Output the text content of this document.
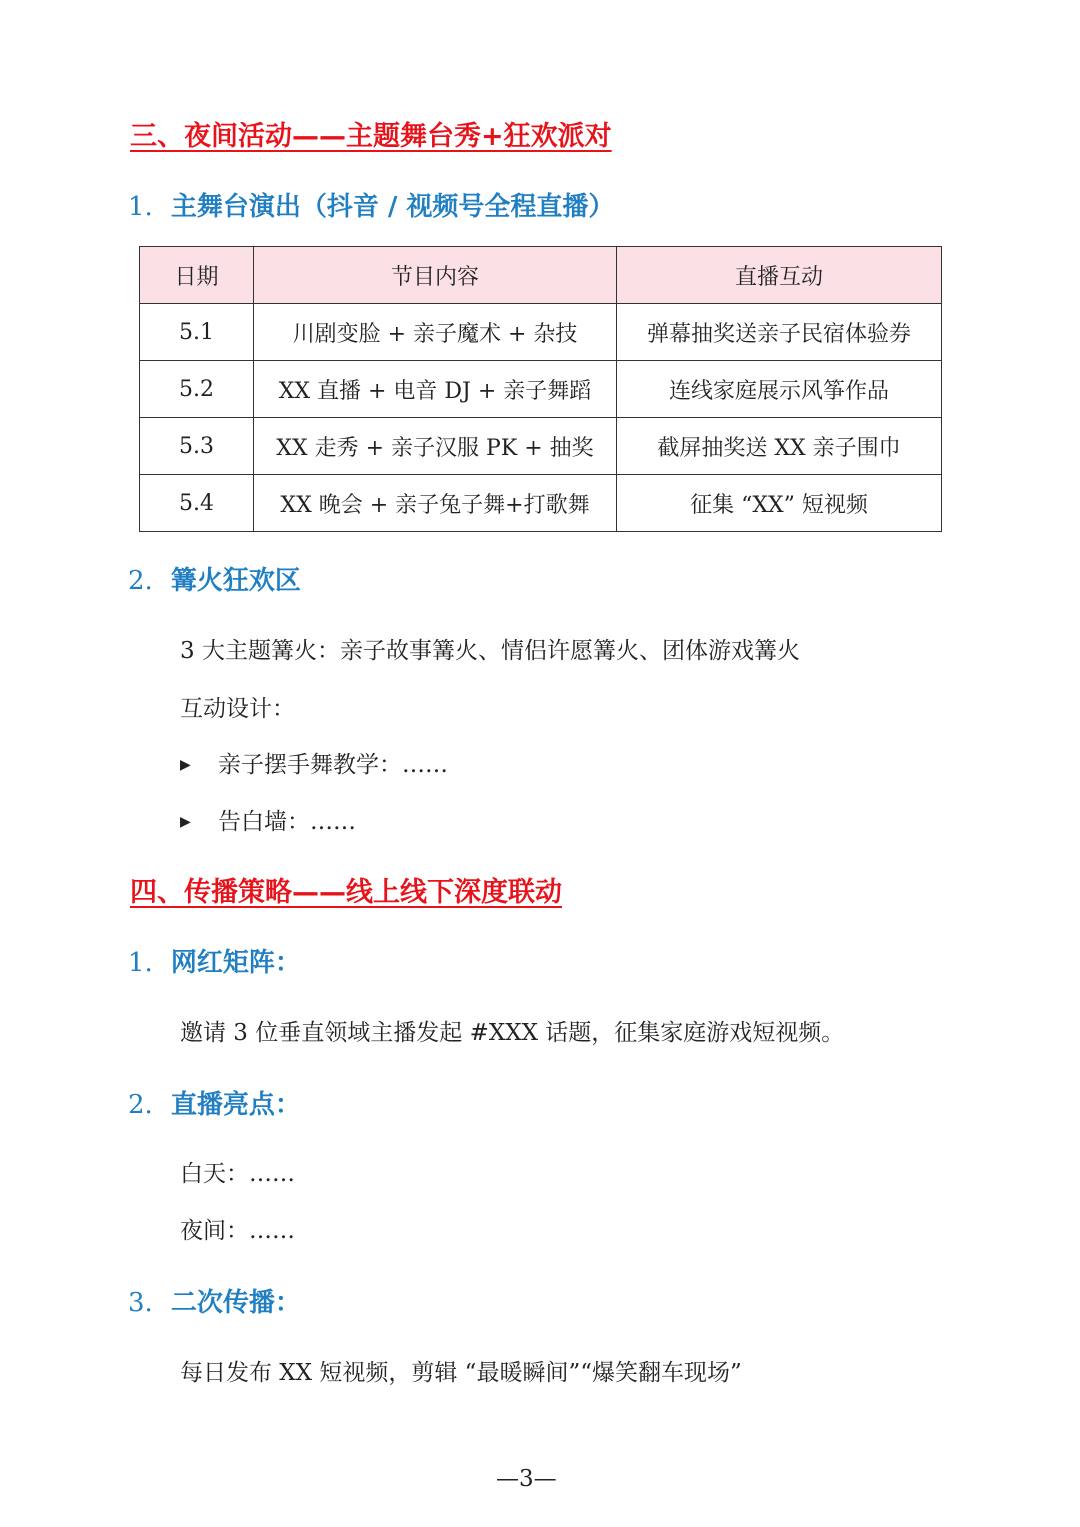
三、夜间活动——主题舞台秀+狂欢派对
1. 主舞台演出（抖音 / 视频号全程直播）
日期	节目内容	直播互动
5.1	川剧变脸 + 亲子魔术 + 杂技	弹幕抽奖送亲子民宿体验券
5.2	XX 直播 + 电音 DJ + 亲子舞蹈	连线家庭展示风筝作品
5.3	XX 走秀 + 亲子汉服 PK + 抽奖	截屏抽奖送 XX 亲子围巾
5.4	XX 晚会 + 亲子兔子舞+打歌舞	征集 “XX” 短视频
2. 篝火狂欢区
3 大主题篝火：亲子故事篝火、情侣许愿篝火、团体游戏篝火
互动设计：
▶ 亲子摆手舞教学：……
▶ 告白墙：……
四、传播策略——线上线下深度联动
1. 网红矩阵：
邀请 3 位垂直领域主播发起 #XXX 话题，征集家庭游戏短视频。
2. 直播亮点：
白天：……
夜间：……
3. 二次传播：
每日发布 XX 短视频，剪辑 “最暖瞬间”“爆笑翻车现场”
—3—
